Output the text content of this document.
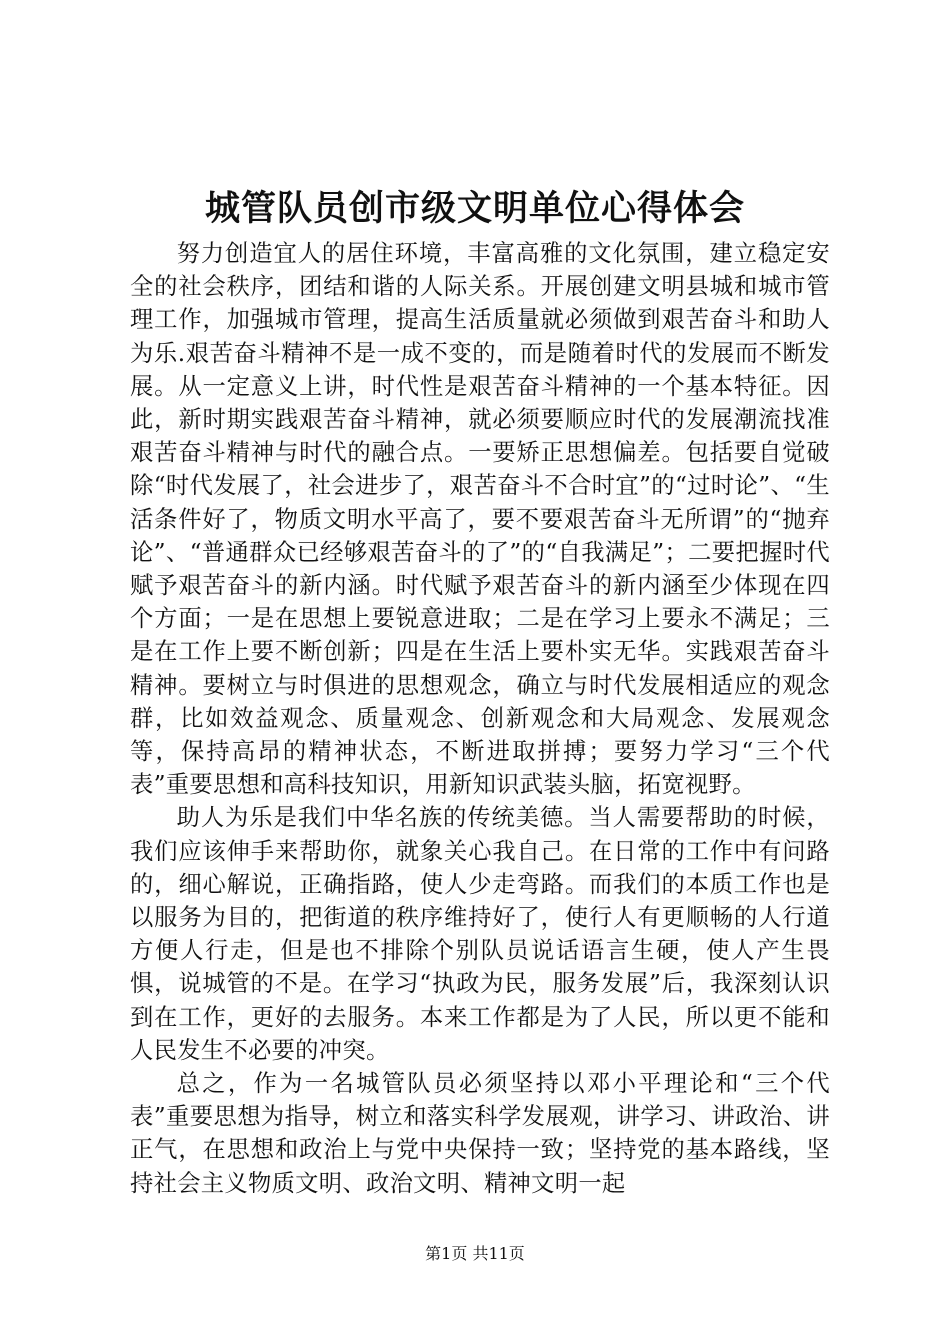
城管队员创市级文明单位心得体会

努力创造宜人的居住环境，丰富高雅的文化氛围，建立稳定安全的社会秩序，团结和谐的人际关系。开展创建文明县城和城市管理工作，加强城市管理，提高生活质量就必须做到艰苦奋斗和助人为乐.艰苦奋斗精神不是一成不变的，而是随着时代的发展而不断发展。从一定意义上讲，时代性是艰苦奋斗精神的一个基本特征。因此，新时期实践艰苦奋斗精神，就必须要顺应时代的发展潮流找准艰苦奋斗精神与时代的融合点。一要矫正思想偏差。包括要自觉破除“时代发展了，社会进步了，艰苦奋斗不合时宜”的“过时论”、“生活条件好了，物质文明水平高了，要不要艰苦奋斗无所谓”的“抛弃论”、“普通群众已经够艰苦奋斗的了”的“自我满足”；二要把握时代赋予艰苦奋斗的新内涵。时代赋予艰苦奋斗的新内涵至少体现在四个方面；一是在思想上要锐意进取；二是在学习上要永不满足；三是在工作上要不断创新；四是在生活上要朴实无华。实践艰苦奋斗精神。要树立与时俱进的思想观念，确立与时代发展相适应的观念群，比如效益观念、质量观念、创新观念和大局观念、发展观念等，保持高昂的精神状态，不断进取拼搏；要努力学习“三个代表”重要思想和高科技知识，用新知识武装头脑，拓宽视野。

助人为乐是我们中华名族的传统美德。当人需要帮助的时候，我们应该伸手来帮助你，就象关心我自己。在日常的工作中有问路的，细心解说，正确指路，使人少走弯路。而我们的本质工作也是以服务为目的，把街道的秩序维持好了，使行人有更顺畅的人行道方便人行走，但是也不排除个别队员说话语言生硬，使人产生畏惧，说城管的不是。在学习“执政为民，服务发展”后，我深刻认识到在工作，更好的去服务。本来工作都是为了人民，所以更不能和人民发生不必要的冲突。

总之，作为一名城管队员必须坚持以邓小平理论和“三个代表”重要思想为指导，树立和落实科学发展观，讲学习、讲政治、讲正气，在思想和政治上与党中央保持一致；坚持党的基本路线，坚持社会主义物质文明、政治文明、精神文明一起

第1页 共11页
